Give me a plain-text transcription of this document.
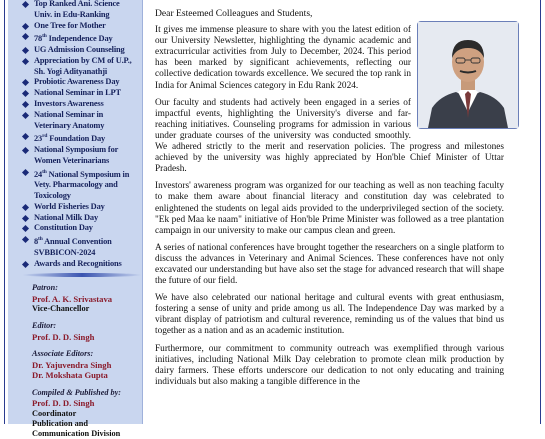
Top Ranked Ani. Science
Univ. in Edu-Ranking
One Tree for Mother
78th Independence Day
UG Admission Counseling
Appreciation by CM of U.P.,
Sh. Yogi Adityanathji
Probiotic Awareness Day
National Seminar in LPT
Investors Awareness
National Seminar in
Veterinary Anatomy
23rd Foundation Day
National Symposium for
Women Veterinarians
24th National Symposium in
Vety. Pharmacology and
Toxicology
World Fisheries Day
National Milk Day
Constitution Day
8th Annual Convention
SVBBICON-2024
Awards and Recognitions
Patron:
Prof. A. K. Srivastava
Vice-Chancellor
Editor:
Prof. D. D. Singh
Associate Editors:
Dr. Yajuvendra Singh
Dr. Mokshata Gupta
Compiled & Published by:
Prof. D. D. Singh
Coordinator
Publication and
Communication Division
Dear Esteemed Colleagues and Students,

It gives me immense pleasure to share with you the latest edition of our University Newsletter, highlighting the dynamic academic and extracurricular activities from July to December, 2024. This period has been marked by significant achievements, reflecting our collective dedication towards excellence. We secured the top rank in India for Animal Sciences category in Edu Rank 2024.

Our faculty and students had actively been engaged in a series of impactful events, highlighting the University's diverse and far-reaching initiatives. Counseling programs for admission in various under graduate courses of the university was conducted smoothly. We adhered strictly to the merit and reservation policies. The progress and milestones achieved by the university was highly appreciated by Hon'ble Chief Minister of Uttar Pradesh.

Investors' awareness program was organized for our teaching as well as non teaching faculty to make them aware about financial literacy and constitution day was celebrated to enlightened the students on legal aids provided to the underprivileged section of the society. "Ek ped Maa ke naam" initiative of Hon'ble Prime Minister was followed as a tree plantation campaign in our university to make our campus clean and green.

A series of national conferences have brought together the researchers on a single platform to discuss the advances in Veterinary and Animal Sciences. These conferences have not only excavated our understanding but have also set the stage for advanced research that will shape the future of our field.

We have also celebrated our national heritage and cultural events with great enthusiasm, fostering a sense of unity and pride among us all. The Independence Day was marked by a vibrant display of patriotism and cultural reverence, reminding us of the values that bind us together as a nation and as an academic institution.

Furthermore, our commitment to community outreach was exemplified through various initiatives, including National Milk Day celebration to promote clean milk production by dairy farmers. These efforts underscore our dedication to not only educating and training individuals but also making a tangible difference in the
